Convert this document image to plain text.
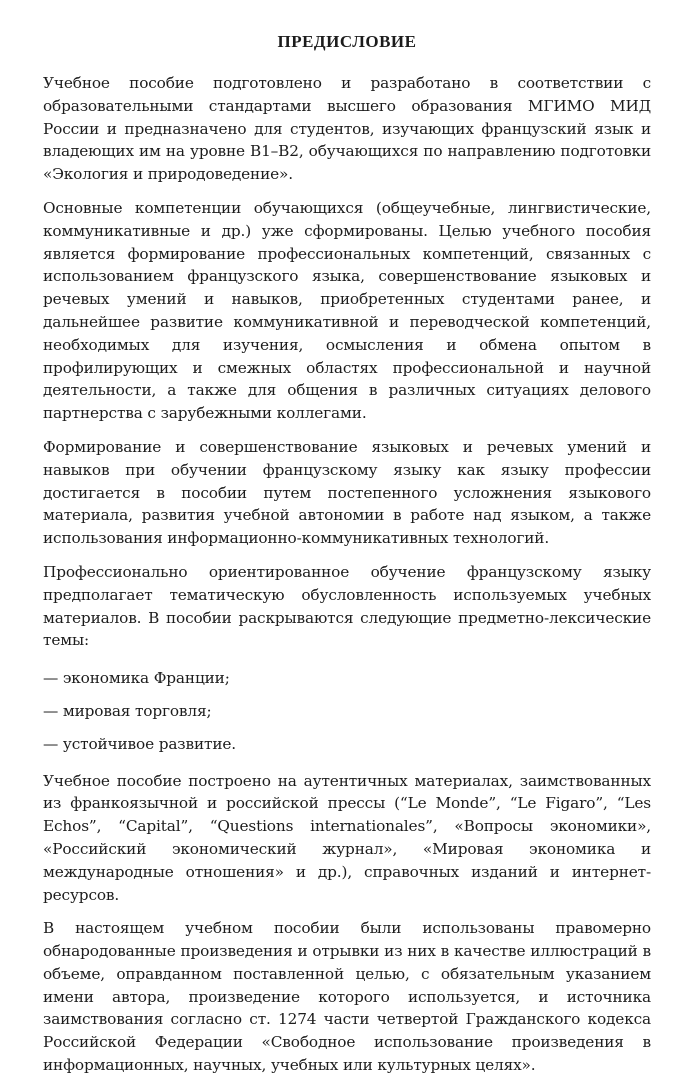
ПРЕДИСЛОВИЕ

Учебное пособие подготовлено и разработано в соответствии с образовательными стандартами высшего образования МГИМО МИД России и предназначено для студентов, изучающих французский язык и владеющих им на уровне B1–B2, обучающихся по направлению подготовки «Экология и природоведение».

Основные компетенции обучающихся (общеучебные, лингвистические, коммуникативные и др.) уже сформированы. Целью учебного пособия является формирование профессиональных компетенций, связанных с использованием французского языка, совершенствование языковых и речевых умений и навыков, приобретенных студентами ранее, и дальнейшее развитие коммуникативной и переводческой компетенций, необходимых для изучения, осмысления и обмена опытом в профилирующих и смежных областях профессиональной и научной деятельности, а также для общения в различных ситуациях делового партнерства с зарубежными коллегами.

Формирование и совершенствование языковых и речевых умений и навыков при обучении французскому языку как языку профессии достигается в пособии путем постепенного усложнения языкового материала, развития учебной автономии в работе над языком, а также использования информационно-коммуникативных технологий.

Профессионально ориентированное обучение французскому языку предполагает тематическую обусловленность используемых учебных материалов. В пособии раскрываются следующие предметно-лексические темы:

— экономика Франции;
— мировая торговля;
— устойчивое развитие.

Учебное пособие построено на аутентичных материалах, заимствованных из франкоязычной и российской прессы (“Le Monde”, “Le Figaro”, “Les Echos”, “Capital”, “Questions internationales”, «Вопросы экономики», «Российский экономический журнал», «Мировая экономика и международные отношения» и др.), справочных изданий и интернет-ресурсов.

В настоящем учебном пособии были использованы правомерно обнародованные произведения и отрывки из них в качестве иллюстраций в объеме, оправданном поставленной целью, с обязательным указанием имени автора, произведение которого используется, и источника заимствования согласно ст. 1274 части четвертой Гражданского кодекса Российской Федерации «Свободное использование произведения в информационных, научных, учебных или культурных целях».
